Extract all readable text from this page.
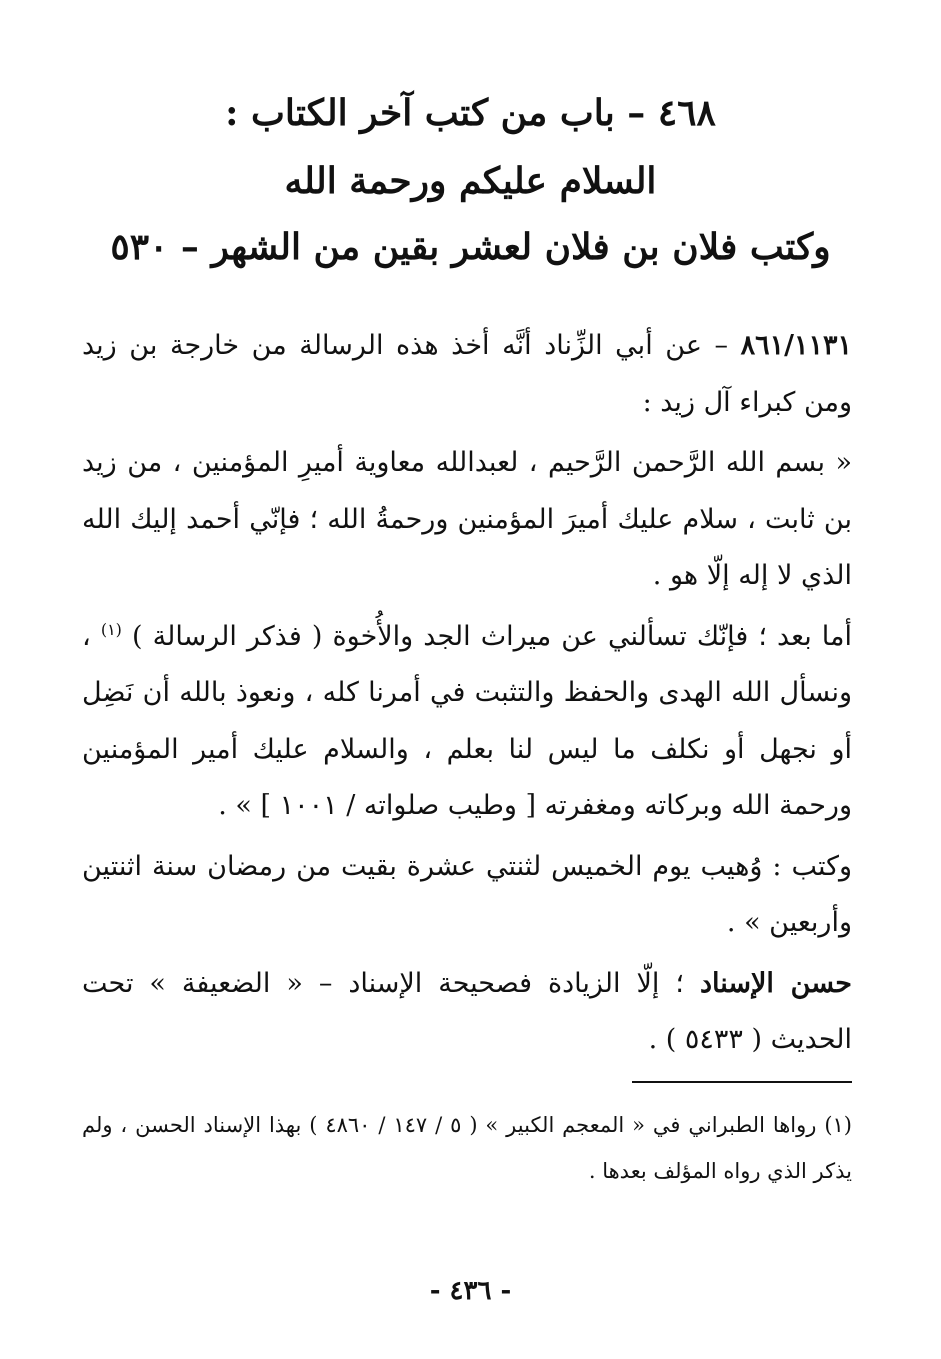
٤٦٨ – باب من كتب آخر الكتاب :
السلام عليكم ورحمة الله
وكتب فلان بن فلان لعشر بقين من الشهر – ٥٣٠

٨٦١/١١٣١ – عن أبي الزِّناد أنَّه أخذ هذه الرسالة من خارجة بن زيد ومن كبراء آل زيد :

« بسم الله الرَّحمن الرَّحيم ، لعبدالله معاوية أميرِ المؤمنين ، من زيد بن ثابت ، سلام عليك أميرَ المؤمنين ورحمةُ الله ؛ فإنّي أحمد إليك الله الذي لا إله إلّا هو .

أما بعد ؛ فإنّك تسألني عن ميراث الجد والأُخوة ( فذكر الرسالة ) $^{(١)}$ ، ونسأل الله الهدى والحفظ والتثبت في أمرنا كله ، ونعوذ بالله أن نَضِل أو نجهل أو نكلف ما ليس لنا بعلم ، والسلام عليك أمير المؤمنين ورحمة الله وبركاته ومغفرته [ وطيب صلواته / ١٠٠١ ] » .

وكتب : وُهيب يوم الخميس لثنتي عشرة بقيت من رمضان سنة اثنتين وأربعين » .

حسن الإسناد ؛ إلّا الزيادة فصحيحة الإسناد – « الضعيفة » تحت الحديث ( ٥٤٣٣ ) .

(١) رواها الطبراني في « المعجم الكبير » ( ٥ / ١٤٧ / ٤٨٦٠ ) بهذا الإسناد الحسن ، ولم يذكر الذي رواه المؤلف بعدها .
- ٤٣٦ -
